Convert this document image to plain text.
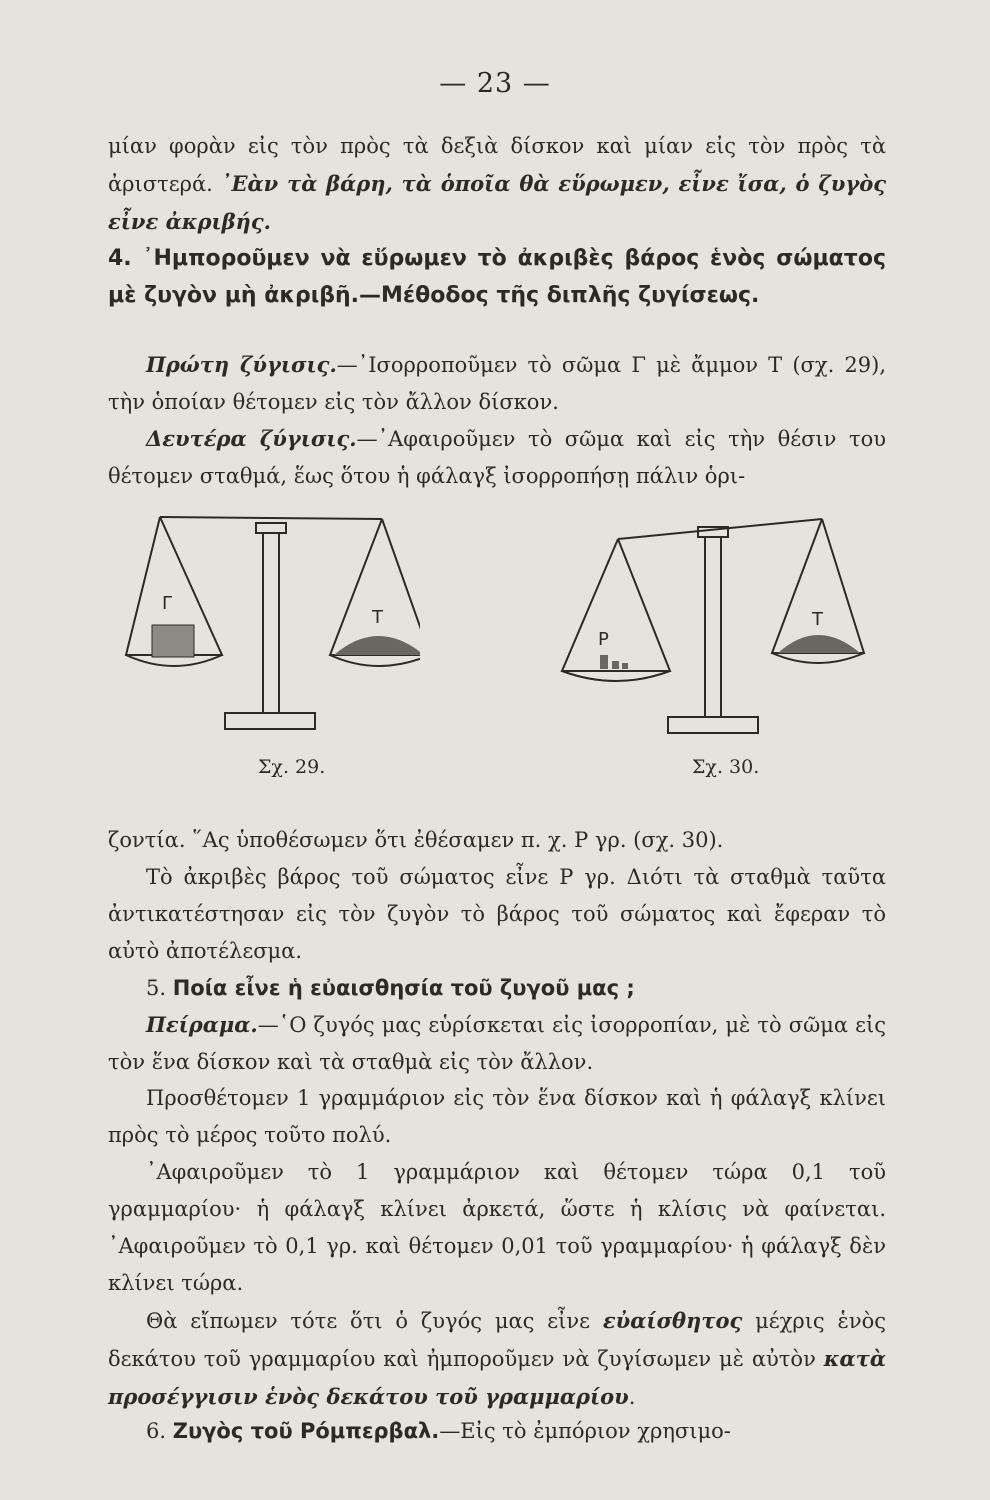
— 23 —
μίαν φορὰν εἰς τὸν πρὸς τὰ δεξιὰ δίσκον καὶ μίαν εἰς τὸν πρὸς τὰ ἀριστερά. ᾿Εὰν τὰ βάρη, τὰ ὁποῖα θὰ εὕρωμεν, εἶνε ἴσα, ὁ ζυγὸς εἶνε ἀκριβής.
4. ᾿Ημποροῦμεν νὰ εὕρωμεν τὸ ἀκριβὲς βάρος ἑνὸς σώματος μὲ ζυγὸν μὴ ἀκριβῆ.—Μέθοδος τῆς διπλῆς ζυγίσεως.
Πρώτη ζύγισις.—᾿Ισορροποῦμεν τὸ σῶμα Γ μὲ ἄμμον Τ (σχ. 29), τὴν ὁποίαν θέτομεν εἰς τὸν ἄλλον δίσκον.
Δευτέρα ζύγισις.—᾿Αφαιροῦμεν τὸ σῶμα καὶ εἰς τὴν θέσιν του θέτομεν σταθμά, ἕως ὅτου ἡ φάλαγξ ἰσορροπήσῃ πάλιν ὁρι-
Γ
Τ
Σχ. 29.
Ρ
Τ
Σχ. 30.
ζοντία. ῞Ας ὑποθέσωμεν ὅτι ἐθέσαμεν π. χ. Ρ γρ. (σχ. 30).
Τὸ ἀκριβὲς βάρος τοῦ σώματος εἶνε Ρ γρ. Διότι τὰ σταθμὰ ταῦτα ἀντικατέστησαν εἰς τὸν ζυγὸν τὸ βάρος τοῦ σώματος καὶ ἔφεραν τὸ αὐτὸ ἀποτέλεσμα.
5. Ποία εἶνε ἡ εὐαισθησία τοῦ ζυγοῦ μας ;
Πείραμα.—῾Ο ζυγός μας εὑρίσκεται εἰς ἰσορροπίαν, μὲ τὸ σῶμα εἰς τὸν ἕνα δίσκον καὶ τὰ σταθμὰ εἰς τὸν ἄλλον.
Προσθέτομεν 1 γραμμάριον εἰς τὸν ἕνα δίσκον καὶ ἡ φάλαγξ κλίνει πρὸς τὸ μέρος τοῦτο πολύ.
᾿Αφαιροῦμεν τὸ 1 γραμμάριον καὶ θέτομεν τώρα 0,1 τοῦ γραμμαρίου· ἡ φάλαγξ κλίνει ἀρκετά, ὥστε ἡ κλίσις νὰ φαίνεται. ᾿Αφαιροῦμεν τὸ 0,1 γρ. καὶ θέτομεν 0,01 τοῦ γραμμαρίου· ἡ φάλαγξ δὲν κλίνει τώρα.
Θὰ εἴπωμεν τότε ὅτι ὁ ζυγός μας εἶνε εὐαίσθητος μέχρις ἑνὸς δεκάτου τοῦ γραμμαρίου καὶ ἠμποροῦμεν νὰ ζυγίσωμεν μὲ αὐτὸν κατὰ προσέγγισιν ἑνὸς δεκάτου τοῦ γραμμαρίου.
6. Ζυγὸς τοῦ Ρόμπερβαλ.—Εἰς τὸ ἐμπόριον χρησιμο-
